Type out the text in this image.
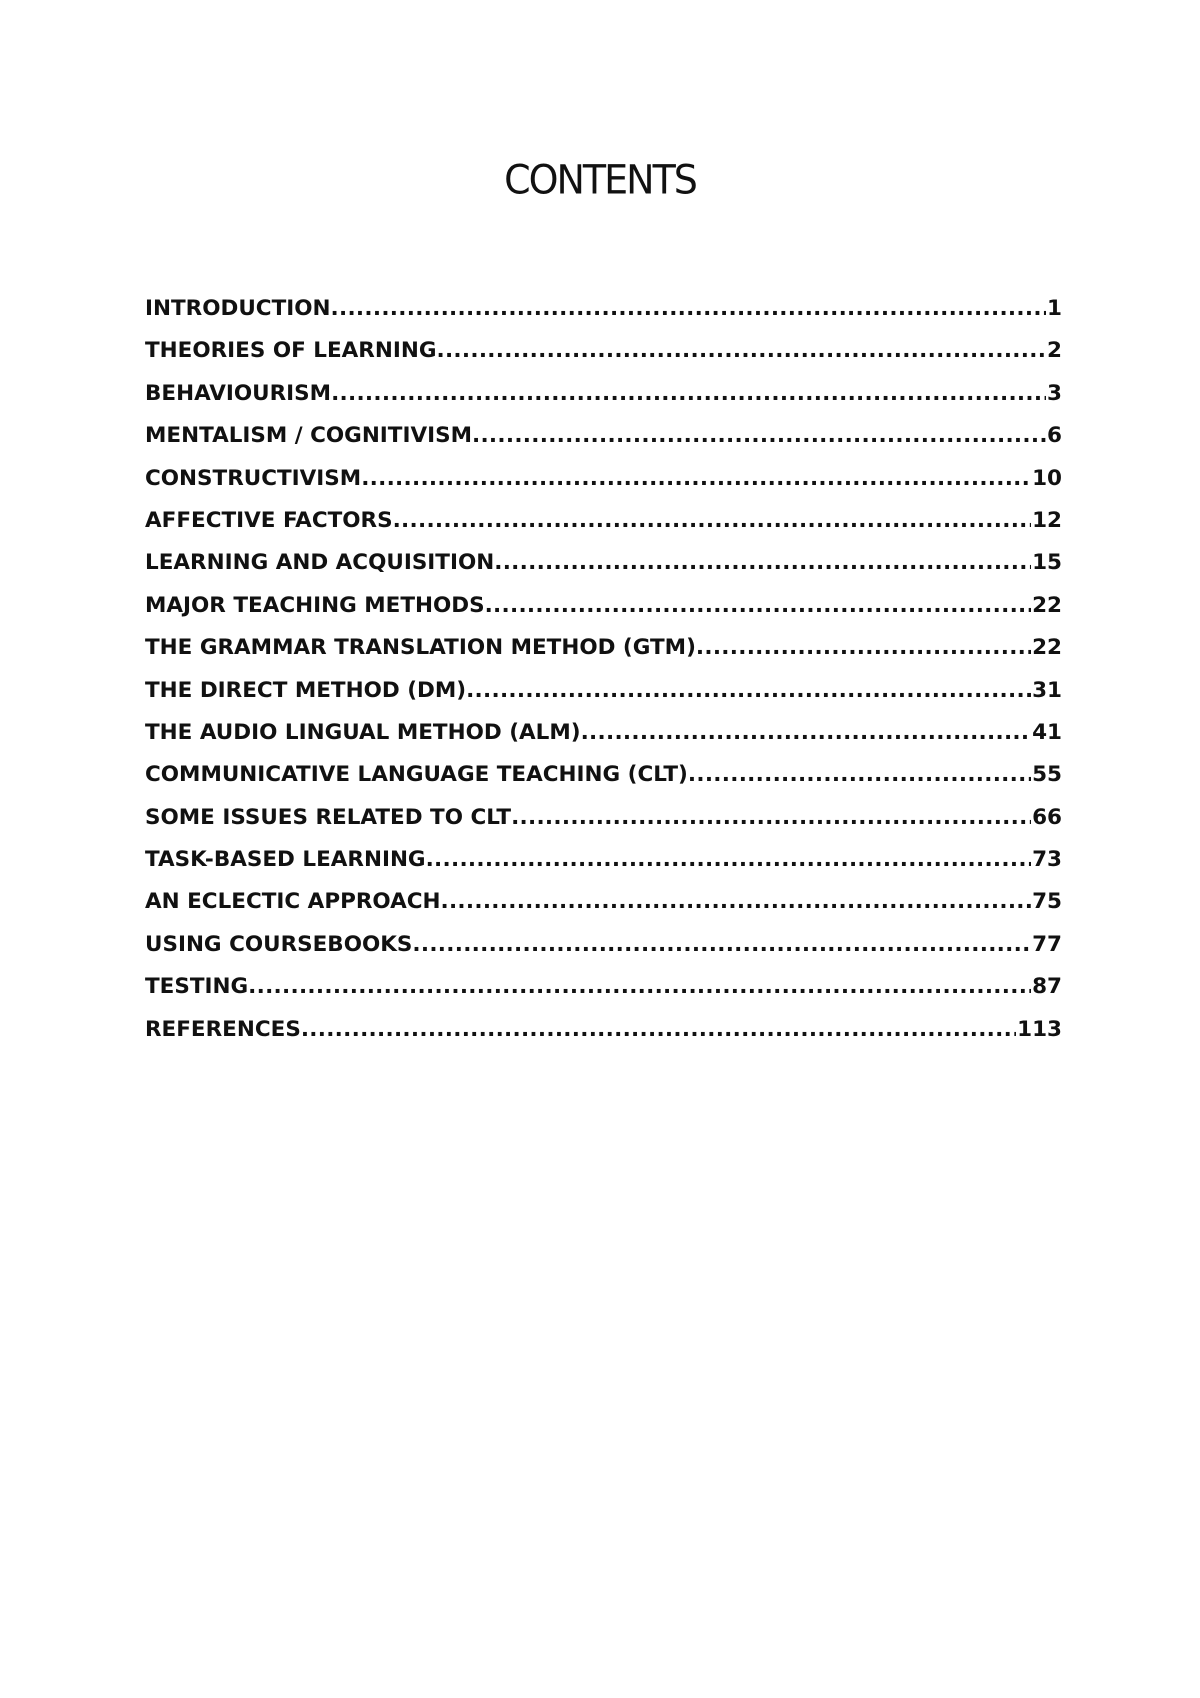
CONTENTS
INTRODUCTION .....	1
THEORIES OF LEARNING .....	2
BEHAVIOURISM .....	3
MENTALISM / COGNITIVISM .....	6
CONSTRUCTIVISM .....	10
AFFECTIVE FACTORS .....	12
LEARNING AND ACQUISITION .....	15
MAJOR TEACHING METHODS .....	22
THE GRAMMAR TRANSLATION METHOD (GTM) .....	22
THE DIRECT METHOD (DM) .....	31
THE AUDIO LINGUAL METHOD (ALM) .....	41
COMMUNICATIVE LANGUAGE TEACHING (CLT) .....	55
SOME ISSUES RELATED TO CLT .....	66
TASK-BASED LEARNING .....	73
AN ECLECTIC APPROACH .....	75
USING COURSEBOOKS .....	77
TESTING .....	87
REFERENCES .....	113
